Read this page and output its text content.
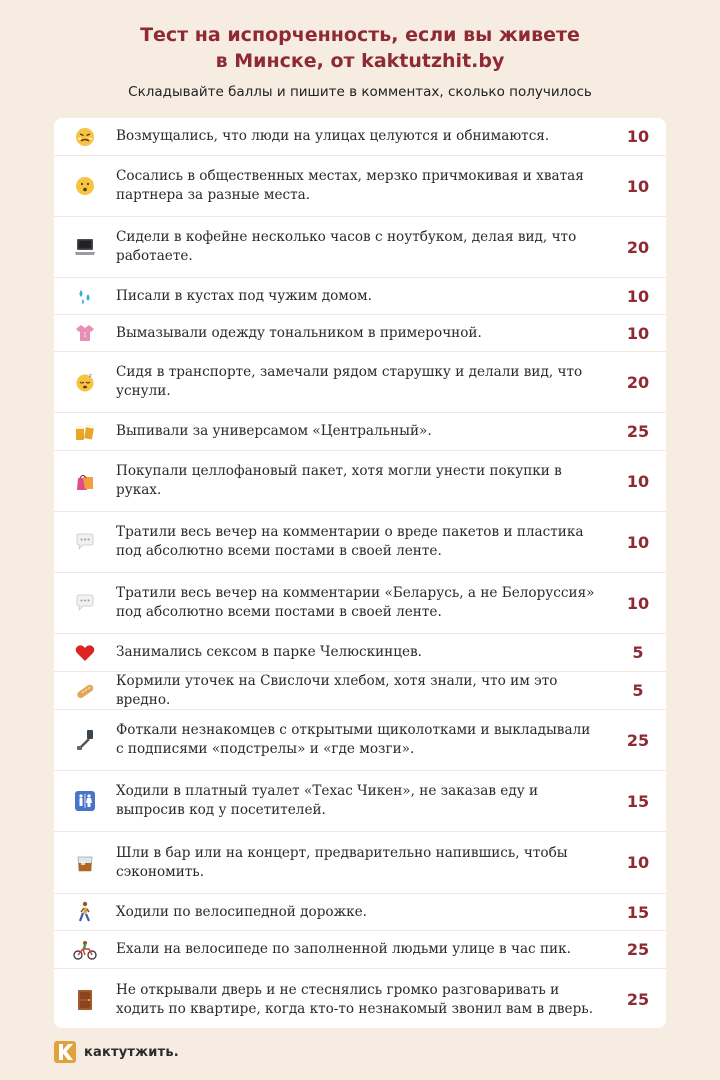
Тест на испорченность, если вы живете
в Минске, от kaktutzhit.by
Складывайте баллы и пишите в комментах, сколько получилось
Возмущались, что люди на улицах целуются и обнимаются.	10
Сосались в общественных местах, мерзко причмокивая и хватая партнера за разные места.	10
Сидели в кофейне несколько часов с ноутбуком, делая вид, что работаете.	20
Писали в кустах под чужим домом.	10
Вымазывали одежду тональником в примерочной.	10
z Сидя в транспорте, замечали рядом старушку и делали вид, что уснули.	20
Выпивали за универсамом «Центральный».	25
Покупали целлофановый пакет, хотя могли унести покупки в руках.	10
Тратили весь вечер на комментарии о вреде пакетов и пластика под абсолютно всеми постами в своей ленте.	10
Тратили весь вечер на комментарии «Беларусь, а не Белоруссия» под абсолютно всеми постами в своей ленте.	10
Занимались сексом в парке Челюскинцев.	5
Кормили уточек на Свислочи хлебом, хотя знали, что им это вредно.	5
Фоткали незнакомцев с открытыми щиколотками и выкладывали с подписями «подстрелы» и «где мозги».	25
Ходили в платный туалет «Техас Чикен», не заказав еду и выпросив код у посетителей.	15
Шли в бар или на концерт, предварительно напившись, чтобы сэкономить.	10
Ходили по велосипедной дорожке.	15
Ехали на велосипеде по заполненной людьми улице в час пик.	25
Не открывали дверь и не стеснялись громко разговаривать и ходить по квартире, когда кто-то незнакомый звонил вам в дверь.	25
кактутжить.
